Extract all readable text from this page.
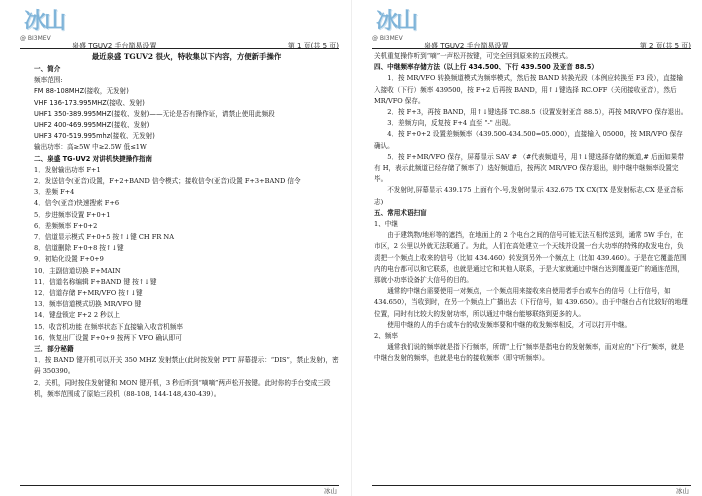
冰山
@ BI3MEV
泉盛 TGUV2 手台简易设置	第 1 页(共 5 页)

最近泉盛 TGUV2 很火，特收集以下内容，方便新手操作

一、简介

频率范围:

FM 88-108MHZ(接收，无发射)

VHF 136-173.995MHZ(接收、发射)

UHF1 350-389.995MHZ(接收、发射)——无论是否有操作证，请禁止使用此频段

UHF2 400-469.995MHZ(接收、发射)

UHF3 470-519.995mhz(接收、无发射)

输出功率：高≥5W 中≥2.5W 低≤1W

二、泉盛 TG-UV2 对讲机快捷操作指南

1．发射输出功率 F+1

2．发送信令(亚音)设置，F+2+BAND 信令模式；接收信令(亚音)设置 F+3+BAND 信令

3．差频 F+4

4．信令(亚音)快速搜索 F+6

5．步进频率设置 F+0+1

6．差频频率 F+0+2

7．信道显示模式 F+0+5 按↑↓键 CH FR NA

8．信道删除 F+0+8 按↑↓键

9．初始化设置 F+0+9

10．主副信道切换 F+MAIN

11．信道名称编辑 F+BAND 键 按↑↓键

12．信道存储 F+MR/VFO 按↑↓键

13．频率信道模式切换 MR/VFO 键

14．键盘锁定 F+2 2 秒以上

15．收音机功能 在频率状态下直接输入收音机频率

16．恢复出厂设置 F+0+9 按两下 VFO 确认即可

三．部分秘籍

1．按 BAND 键开机可以开关 350 MHZ 发射禁止(此时按发射 PTT 屏幕提示：“DIS”，禁止发射)，密码 350390。

2．关机，同时按住发射键和 MON 键开机，3 秒后听到“嘀嘀”两声松开按键。此时你的手台变成三段机，频率范围成了原始三段机（88-108, 144-148,430-439）。

冰山
冰山
@ BI3MEV
泉盛 TGUV2 手台简易设置	第 2 页(共 5 页)

关机重复操作听到“嘀”一声松开按键，可完全回到原来的五段模式。

四、中继频率存储方法（以上行 434.500、下行 439.500 及亚音 88.5）

1．按 MR/VFO 转换频道模式为频率模式，然后按 BAND 转换光段（本例应转换至 F3 段），直接输入接收（下行）频率 439500，按 F+2 后再按 BAND，用↑↓键选择 RC.OFF（关闭接收亚音），然后 MR/VFO 保存。

2．按 F+3，再按 BAND，用↑↓键选择 TC.88.5（设置发射亚音 88.5），再按 MR/VFO 保存退出。

3．差频方向，反复按 F+4 直至 "-" 出现。

4．按 F+0+2 设置差频频率（439.500-434.500=05.000），直接输入 05000，按 MR/VFO 保存确认。

5．按 F+MR/VFO 保存，屏幕显示 SAV # （#代表频道号，用↑↓键选择存储的频道,# 后面如果带有 H，表示此频道已经存储了频率了）选好频道后，按两次 MR/VFO 保存退出，则中继中继频率设置完毕。

不发射时,屏幕显示 439.175 上面有个-号,发射时显示 432.675 TX CX(TX 是发射标志,CX 是亚音标志)

五、常用术语扫盲

1、中继

由于建筑物/地形等的遮挡，在地面上的 2 个电台之间的信号可能无法互相传送到，通常 5W 手台，在市区，2 公里以外就无法联通了。为此，人们在高处建立一个天线并设置一台大功率的特殊的收发电台，负责把一个频点上收来的信号（比如 434.460）转发到另外一个频点上（比如 439.460）。于是在它覆盖范围内的电台都可以和它联系，也就是通过它和其他人联系，于是大家就通过中继台达到覆盖更广的通连范围，那就小功率设备扩大信号的目的。

通常的中继台需要使用一对频点，一个频点用来接收来自使用者手台或车台的信号（上行信号，如 434.650），当收到时，在另一个频点上广播出去（下行信号，如 439.650）。由于中继台占有比较好的地理位置，同时有比较大的发射功率，所以通过中继台能够联络到更多的人。

使用中继的人的手台或车台的收发频率要和中继的收发频率相反，才可以打开中继。

2、频率

通常我们说的频率就是指下行频率，所谓“上行”频率是指电台的发射频率，而对应的“下行”频率，就是中继台发射的频率，也就是电台的接收频率（即守听频率）。

冰山
